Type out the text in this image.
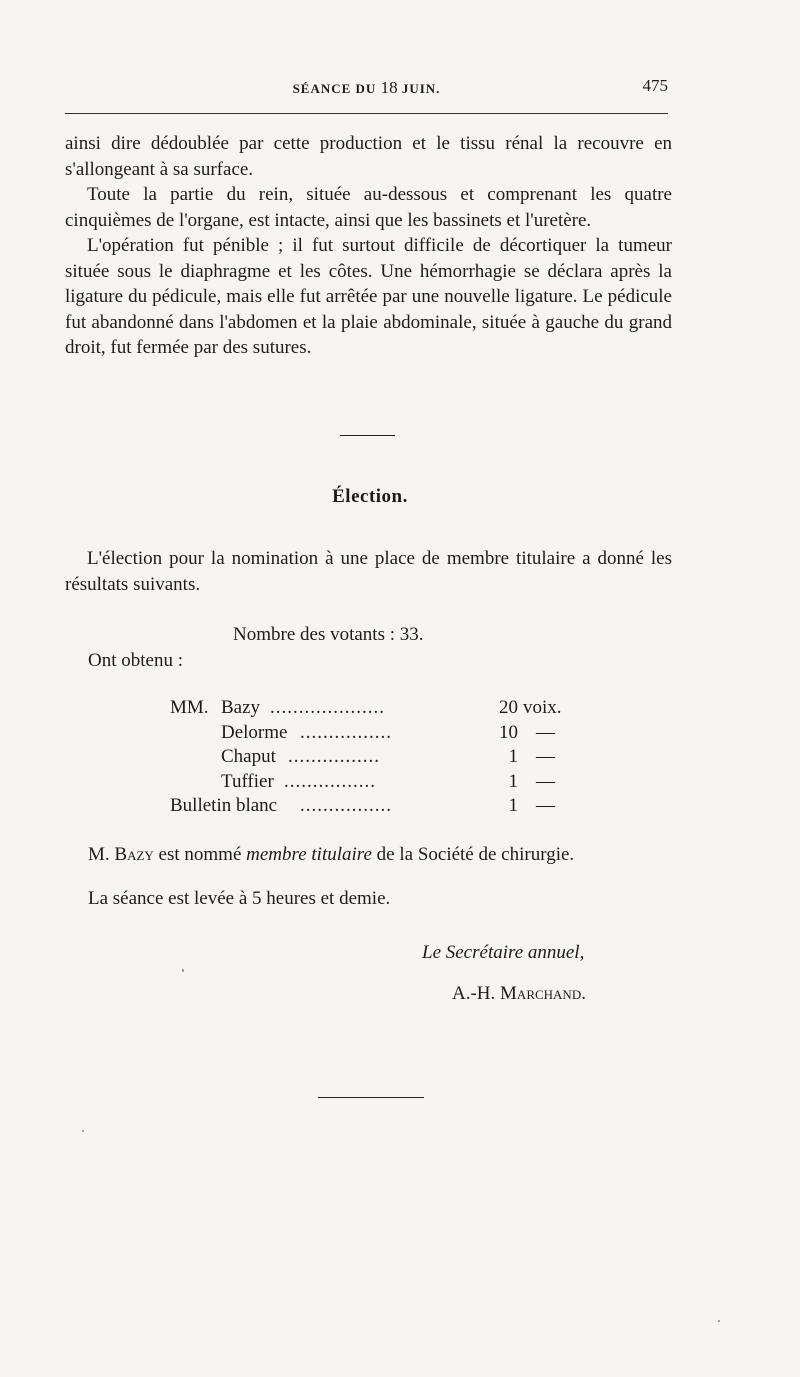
SÉANCE DU 18 JUIN.	475

ainsi dire dédoublée par cette production et le tissu rénal la recouvre en s'allongeant à sa surface.

Toute la partie du rein, située au-dessous et comprenant les quatre cinquièmes de l'organe, est intacte, ainsi que les bassinets et l'uretère.

L'opération fut pénible ; il fut surtout difficile de décortiquer la tumeur située sous le diaphragme et les côtes. Une hémorrhagie se déclara après la ligature du pédicule, mais elle fut arrêtée par une nouvelle ligature. Le pédicule fut abandonné dans l'abdomen et la plaie abdominale, située à gauche du grand droit, fut fermée par des sutures.

Élection.

L'élection pour la nomination à une place de membre titulaire a donné les résultats suivants.

Nombre des votants : 33.
Ont obtenu :
MM. Bazy ....................	20 voix.
Delorme ................	10 —
Chaput ................	1 —
Tuffier ................	1 —
Bulletin blanc ................	1 —
M. Bazy est nommé membre titulaire de la Société de chirurgie.
La séance est levée à 5 heures et demie.
Le Secrétaire annuel,
A.-H. Marchand.
